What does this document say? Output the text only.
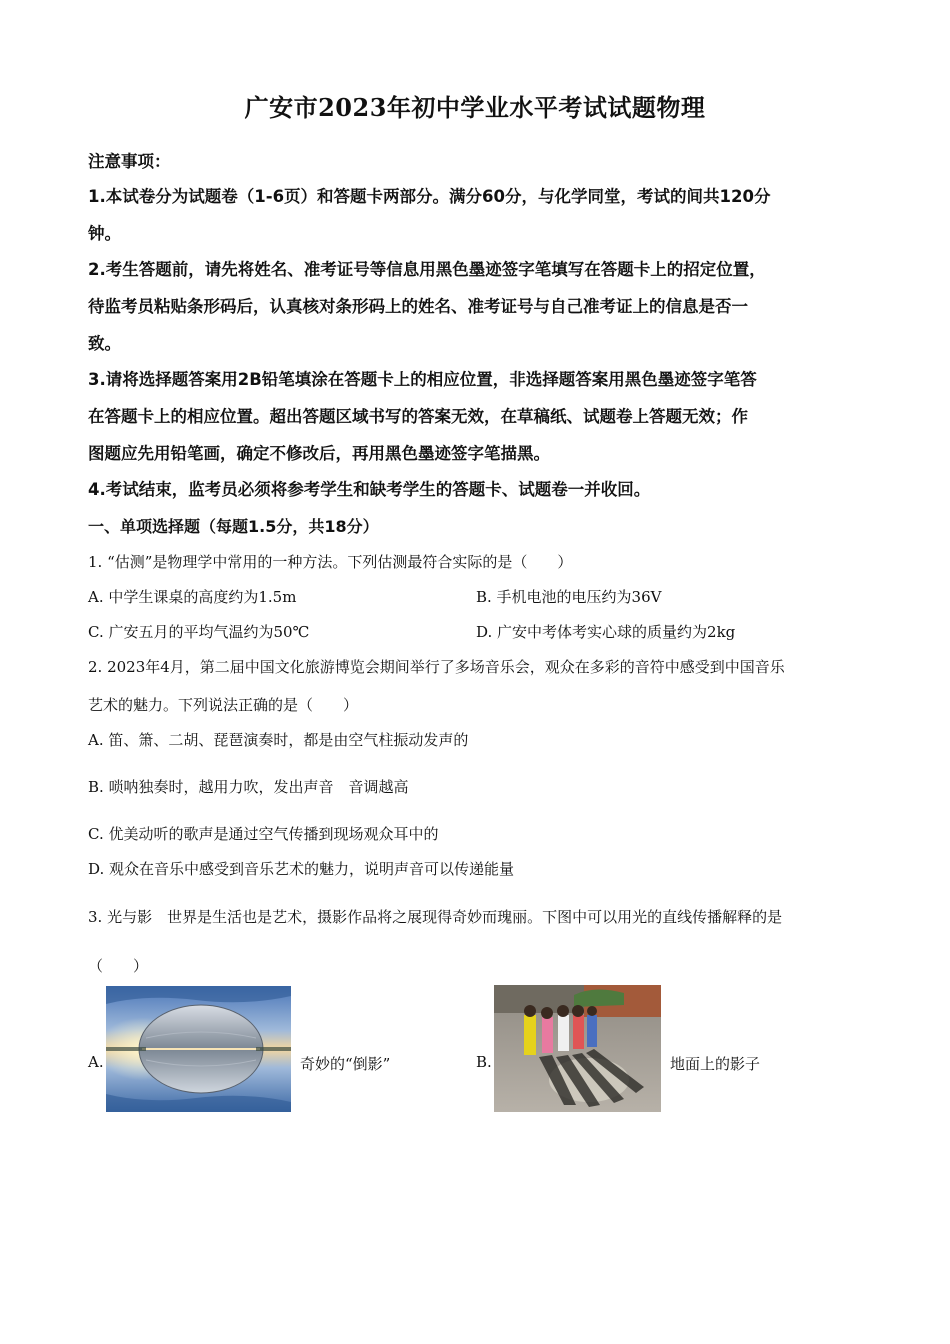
广安市2023年初中学业水平考试试题物理
注意事项：
1.本试卷分为试题卷（1-6页）和答题卡两部分。满分60分，与化学同堂，考试的间共120分
钟。
2.考生答题前，请先将姓名、准考证号等信息用黑色墨迹签字笔填写在答题卡上的招定位置，
待监考员粘贴条形码后，认真核对条形码上的姓名、准考证号与自己准考证上的信息是否一
致。
3.请将选择题答案用2B铅笔填涂在答题卡上的相应位置，非选择题答案用黑色墨迹签字笔答
在答题卡上的相应位置。超出答题区域书写的答案无效，在草稿纸、试题卷上答题无效；作
图题应先用铅笔画，确定不修改后，再用黑色墨迹签字笔描黑。
4.考试结束，监考员必须将参考学生和缺考学生的答题卡、试题卷一并收回。
一、单项选择题（每题1.5分，共18分）
1. “估测”是物理学中常用的一种方法。下列估测最符合实际的是（　　）
A. 中学生课桌的高度约为1.5m	B. 手机电池的电压约为36V
C. 广安五月的平均气温约为50℃	D. 广安中考体考实心球的质量约为2kg
2. 2023年4月，第二届中国文化旅游博览会期间举行了多场音乐会，观众在多彩的音符中感受到中国音乐
艺术的魅力。下列说法正确的是（　　）
A. 笛、箫、二胡、琵琶演奏时，都是由空气柱振动发声的
B. 唢呐独奏时，越用力吹，发出声音　音调越高
C. 优美动听的歌声是通过空气传播到现场观众耳中的
D. 观众在音乐中感受到音乐艺术的魅力，说明声音可以传递能量
3. 光与影　世界是生活也是艺术，摄影作品将之展现得奇妙而瑰丽。下图中可以用光的直线传播解释的是
（　　）
A.	奇妙的“倒影”	B.	地面上的影子
